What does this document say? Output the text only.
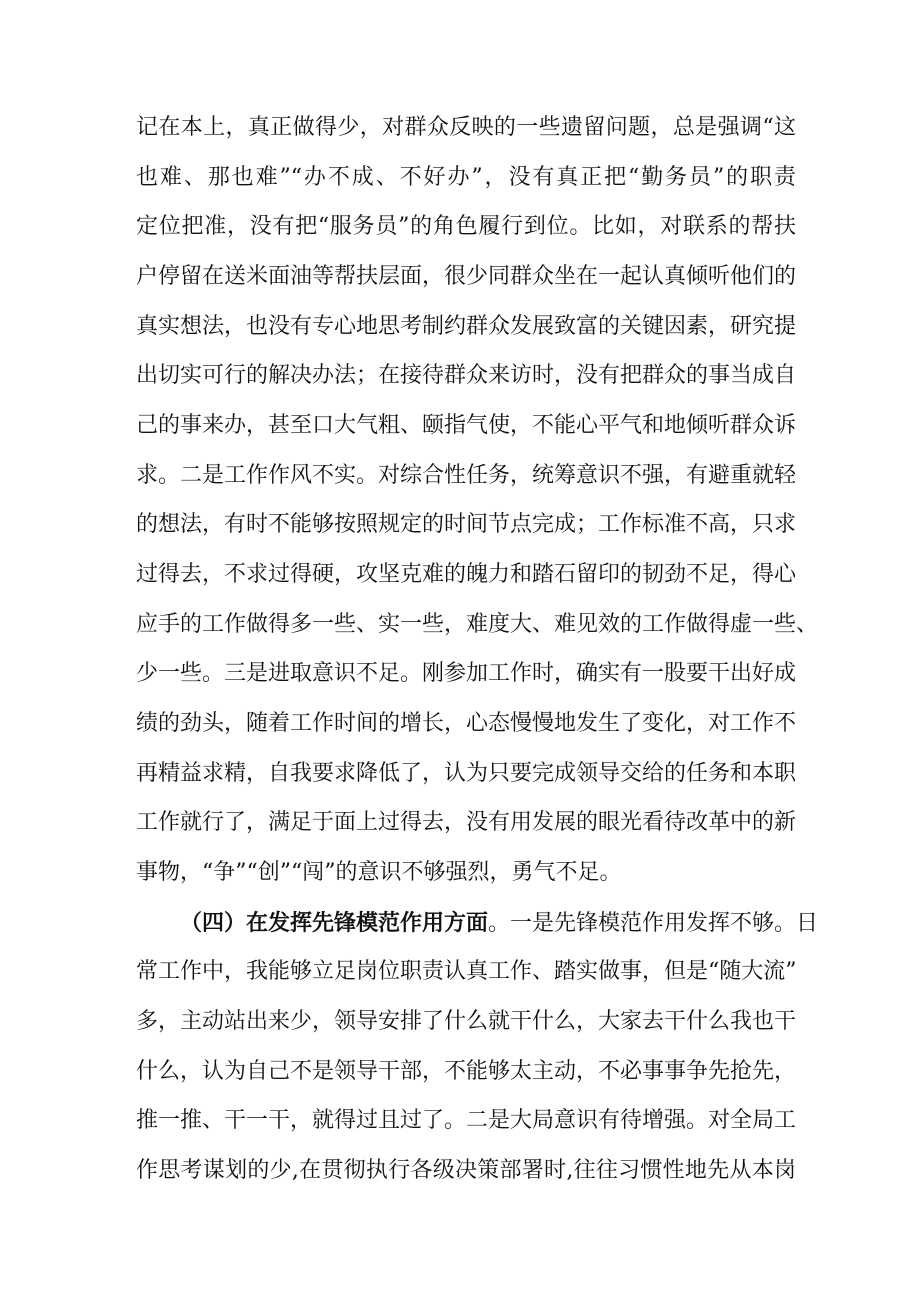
记在本上，真正做得少，对群众反映的一些遗留问题，总是强调“这
也难、那也难”“办不成、不好办”，没有真正把“勤务员”的职责
定位把准，没有把“服务员”的角色履行到位。比如，对联系的帮扶
户停留在送米面油等帮扶层面，很少同群众坐在一起认真倾听他们的
真实想法，也没有专心地思考制约群众发展致富的关键因素，研究提
出切实可行的解决办法；在接待群众来访时，没有把群众的事当成自
己的事来办，甚至口大气粗、颐指气使，不能心平气和地倾听群众诉
求。二是工作作风不实。对综合性任务，统筹意识不强，有避重就轻
的想法，有时不能够按照规定的时间节点完成；工作标准不高，只求
过得去，不求过得硬，攻坚克难的魄力和踏石留印的韧劲不足，得心
应手的工作做得多一些、实一些，难度大、难见效的工作做得虚一些、
少一些。三是进取意识不足。刚参加工作时，确实有一股要干出好成
绩的劲头，随着工作时间的增长，心态慢慢地发生了变化，对工作不
再精益求精，自我要求降低了，认为只要完成领导交给的任务和本职
工作就行了，满足于面上过得去，没有用发展的眼光看待改革中的新
事物，“争”“创”“闯”的意识不够强烈，勇气不足。
（四）在发挥先锋模范作用方面。一是先锋模范作用发挥不够。日
常工作中，我能够立足岗位职责认真工作、踏实做事，但是“随大流”
多，主动站出来少，领导安排了什么就干什么，大家去干什么我也干
什么，认为自己不是领导干部，不能够太主动，不必事事争先抢先，
推一推、干一干，就得过且过了。二是大局意识有待增强。对全局工
作思考谋划的少,在贯彻执行各级决策部署时,往往习惯性地先从本岗
